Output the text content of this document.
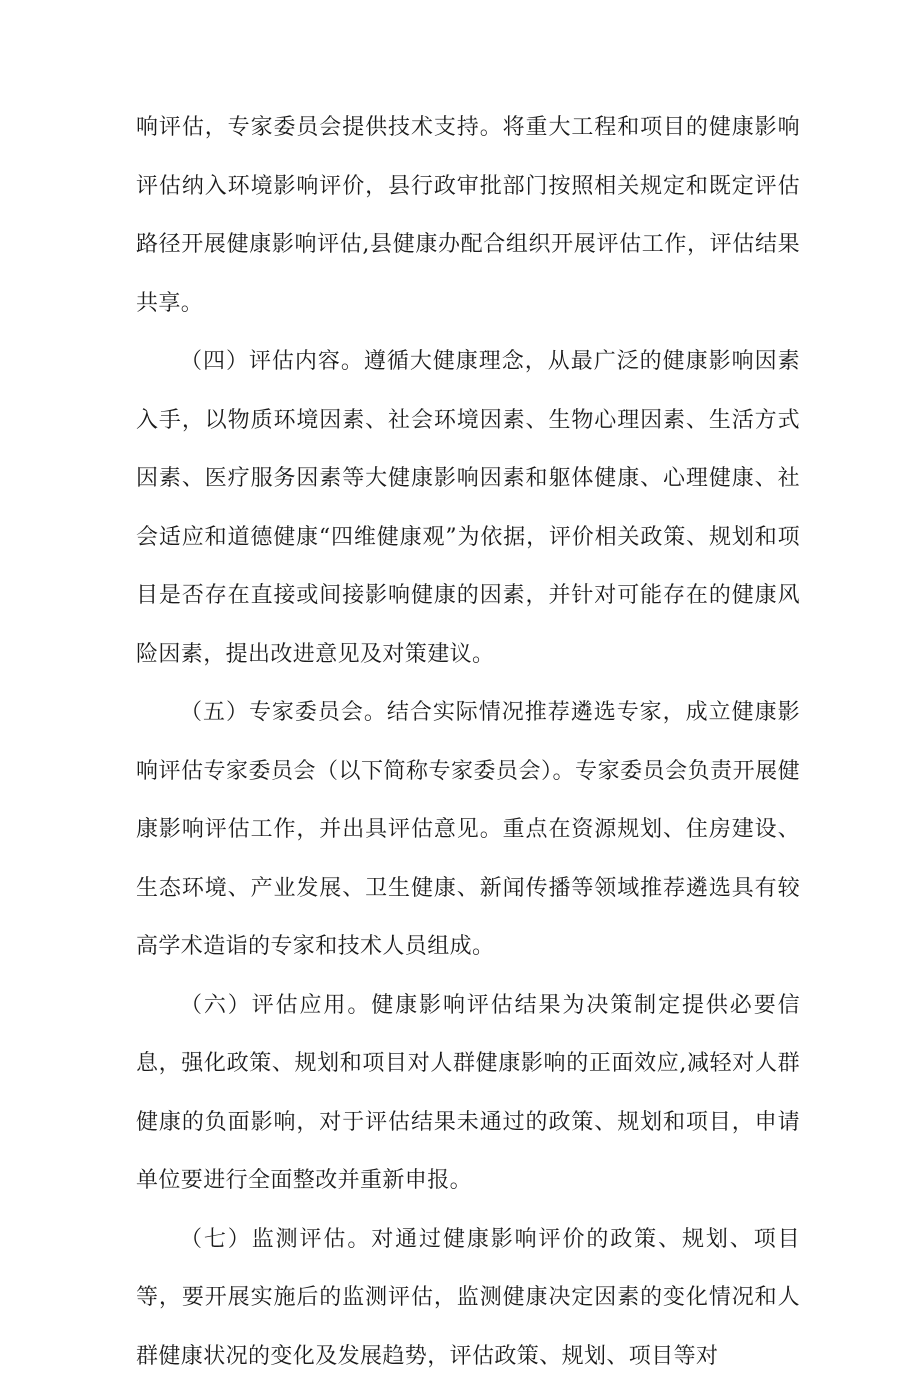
响评估，专家委员会提供技术支持。将重大工程和项目的健康影响评估纳入环境影响评价，县行政审批部门按照相关规定和既定评估路径开展健康影响评估,县健康办配合组织开展评估工作，评估结果共享。

（四）评估内容。遵循大健康理念，从最广泛的健康影响因素入手，以物质环境因素、社会环境因素、生物心理因素、生活方式因素、医疗服务因素等大健康影响因素和躯体健康、心理健康、社会适应和道德健康“四维健康观”为依据，评价相关政策、规划和项目是否存在直接或间接影响健康的因素，并针对可能存在的健康风险因素，提出改进意见及对策建议。

（五）专家委员会。结合实际情况推荐遴选专家，成立健康影响评估专家委员会（以下简称专家委员会）。专家委员会负责开展健康影响评估工作，并出具评估意见。重点在资源规划、住房建设、生态环境、产业发展、卫生健康、新闻传播等领域推荐遴选具有较高学术造诣的专家和技术人员组成。

（六）评估应用。健康影响评估结果为决策制定提供必要信息，强化政策、规划和项目对人群健康影响的正面效应,减轻对人群健康的负面影响，对于评估结果未通过的政策、规划和项目，申请单位要进行全面整改并重新申报。

（七）监测评估。对通过健康影响评价的政策、规划、项目等，要开展实施后的监测评估，监测健康决定因素的变化情况和人群健康状况的变化及发展趋势，评估政策、规划、项目等对
